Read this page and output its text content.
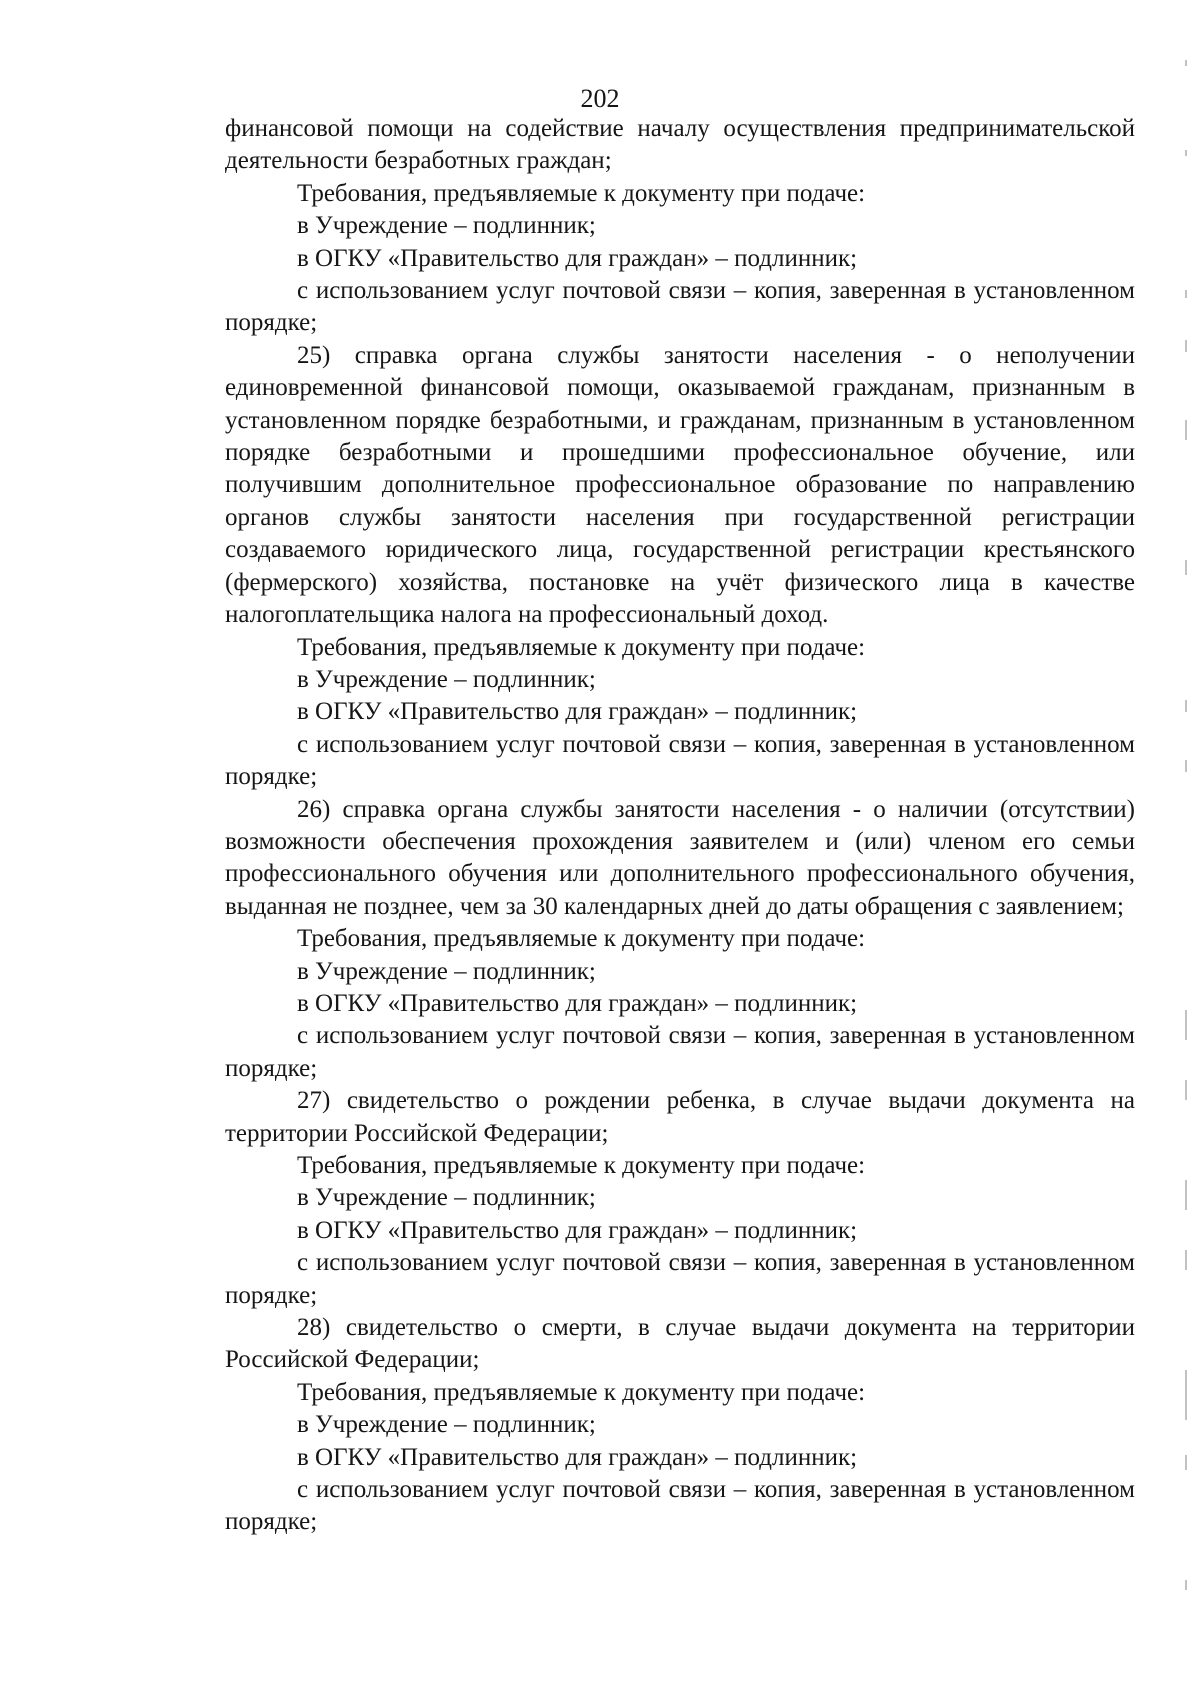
202

финансовой помощи на содействие началу осуществления предпринимательской деятельности безработных граждан;

Требования, предъявляемые к документу при подаче:

в Учреждение – подлинник;

в ОГКУ «Правительство для граждан» – подлинник;

с использованием услуг почтовой связи – копия, заверенная в установленном порядке;

25) справка органа службы занятости населения - о неполучении единовременной финансовой помощи, оказываемой гражданам, признанным в установленном порядке безработными, и гражданам, признанным в установленном порядке безработными и прошедшими профессиональное обучение, или получившим дополнительное профессиональное образование по направлению органов службы занятости населения при государственной регистрации создаваемого юридического лица, государственной регистрации крестьянского (фермерского) хозяйства, постановке на учёт физического лица в качестве налогоплательщика налога на профессиональный доход.

Требования, предъявляемые к документу при подаче:

в Учреждение – подлинник;

в ОГКУ «Правительство для граждан» – подлинник;

с использованием услуг почтовой связи – копия, заверенная в установленном порядке;

26) справка органа службы занятости населения - о наличии (отсутствии) возможности обеспечения прохождения заявителем и (или) членом его семьи профессионального обучения или дополнительного профессионального обучения, выданная не позднее, чем за 30 календарных дней до даты обращения с заявлением;

Требования, предъявляемые к документу при подаче:

в Учреждение – подлинник;

в ОГКУ «Правительство для граждан» – подлинник;

с использованием услуг почтовой связи – копия, заверенная в установленном порядке;

27) свидетельство о рождении ребенка, в случае выдачи документа на территории Российской Федерации;

Требования, предъявляемые к документу при подаче:

в Учреждение – подлинник;

в ОГКУ «Правительство для граждан» – подлинник;

с использованием услуг почтовой связи – копия, заверенная в установленном порядке;

28) свидетельство о смерти, в случае выдачи документа на территории Российской Федерации;

Требования, предъявляемые к документу при подаче:

в Учреждение – подлинник;

в ОГКУ «Правительство для граждан» – подлинник;

с использованием услуг почтовой связи – копия, заверенная в установленном порядке;
